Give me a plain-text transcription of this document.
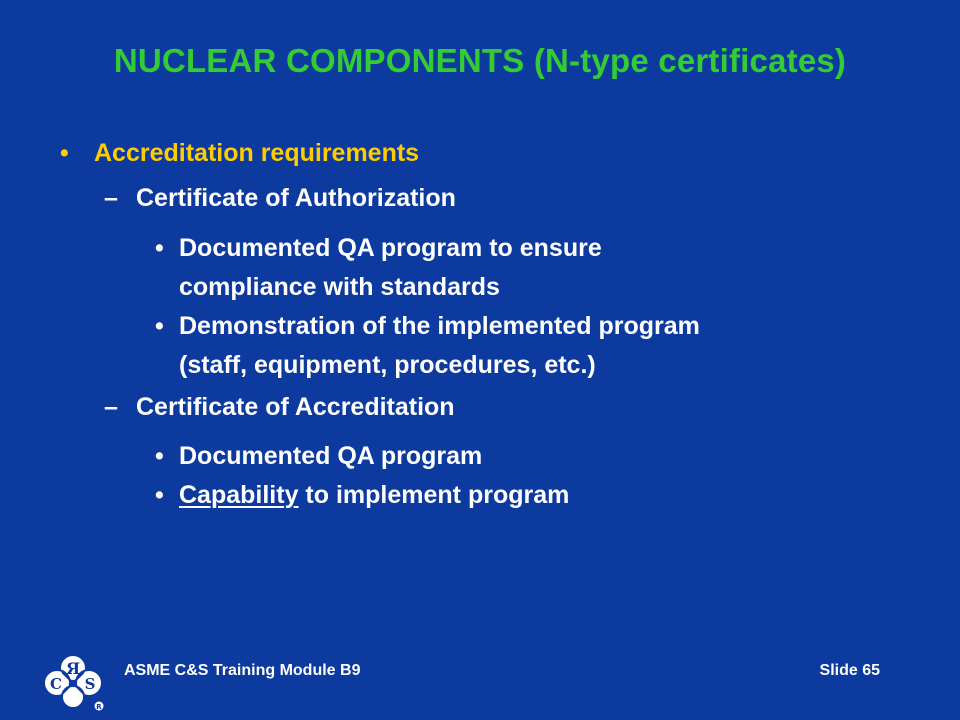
NUCLEAR COMPONENTS (N-type certificates)
• Accreditation requirements
– Certificate of Authorization
• Documented QA program to ensure
compliance with standards
• Demonstration of the implemented program
(staff, equipment, procedures, etc.)
– Certificate of Accreditation
• Documented QA program
• Capability to implement program
Я
C S
R
ASME C&S Training Module B9	Slide 65
